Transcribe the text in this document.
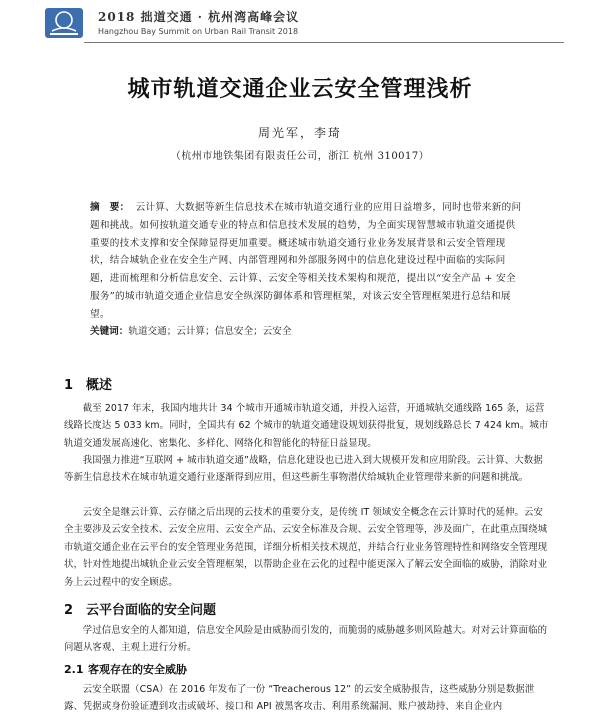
2018 拙道交通 · 杭州湾高峰会议
Hangzhou Bay Summit on Urban Rail Transit 2018
城市轨道交通企业云安全管理浅析
周光军，李琦
（杭州市地铁集团有限责任公司，浙江 杭州 310017）
摘　要： 云计算、大数据等新生信息技术在城市轨道交通行业的应用日益增多，同时也带来新的问题和挑战。如何按轨道交通专业的特点和信息技术发展的趋势，为全面实现智慧城市轨道交通提供重要的技术支撑和安全保障显得更加重要。概述城市轨道交通行业业务发展背景和云安全管理现状，结合城轨企业在安全生产网、内部管理网和外部服务网中的信息化建设过程中面临的实际问题，进而梳理和分析信息安全、云计算、云安全等相关技术架构和规范，提出以“安全产品 + 安全服务”的城市轨道交通企业信息安全纵深防御体系和管理框架，对该云安全管理框架进行总结和展望。
关键词：轨道交通；云计算；信息安全；云安全
1 概述
截至 2017 年末，我国内地共计 34 个城市开通城市轨道交通，并投入运营，开通城轨交通线路 165 条，运营线路长度达 5 033 km。同时，全国共有 62 个城市的轨道交通建设规划获得批复，规划线路总长 7 424 km。城市轨道交通发展高速化、密集化、多样化、网络化和智能化的特征日益显现。
我国强力推进“互联网 + 城市轨道交通”战略，信息化建设也已进入到大规模开发和应用阶段。云计算、大数据等新生信息技术在城市轨道交通行业逐渐得到应用，但这些新生事物潜伏给城轨企业管理带来新的问题和挑战。
云安全是继云计算、云存储之后出现的云技术的重要分支，是传统 IT 领域安全概念在云计算时代的延伸。云安全主要涉及云安全技术、云安全应用、云安全产品、云安全标准及合规、云安全管理等，涉及面广，在此重点围绕城市轨道交通企业在云平台的安全管理业务范围，详细分析相关技术规范，并结合行业业务管理特性和网络安全管理现状，针对性地提出城轨企业云安全管理框架，以帮助企业在云化的过程中能更深入了解云安全面临的威胁，消除对业务上云过程中的安全顾虑。
2 云平台面临的安全问题
学过信息安全的人都知道，信息安全风险是由威胁而引发的，而脆弱的威胁越多则风险越大。对对云计算面临的问题从客观、主观上进行分析。
2.1 客观存在的安全威胁
云安全联盟（CSA）在 2016 年发布了一份 “Treacherous 12” 的云安全威胁报告，这些威胁分别是数据泄露、凭据或身份验证遭到攻击或破坏、接口和 API 被黑客攻击、利用系统漏洞、账户被劫持、来自企业内
